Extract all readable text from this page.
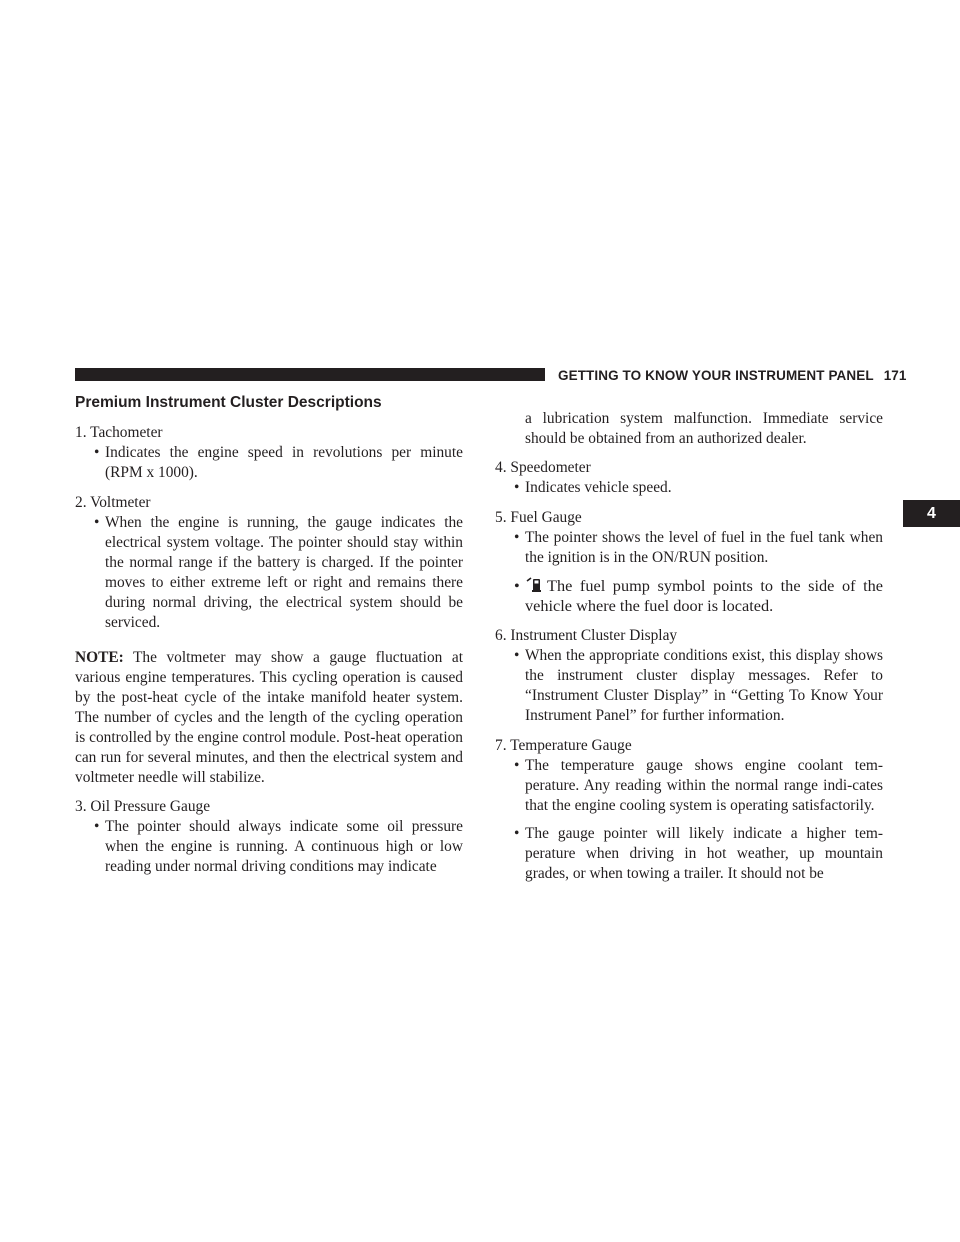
GETTING TO KNOW YOUR INSTRUMENT PANEL 171
4
Premium Instrument Cluster Descriptions

1. Tachometer

• Indicates the engine speed in revolutions per minute (RPM x 1000).

2. Voltmeter

• When the engine is running, the gauge indicates the electrical system voltage. The pointer should stay within the normal range if the battery is charged. If the pointer moves to either extreme left or right and remains there during normal driving, the electrical system should be serviced.

NOTE: The voltmeter may show a gauge fluctuation at various engine temperatures. This cycling operation is caused by the post-heat cycle of the intake manifold heater system. The number of cycles and the length of the cycling operation is controlled by the engine control module. Post-heat operation can run for several minutes, and then the electrical system and voltmeter needle will stabilize.

3. Oil Pressure Gauge

• The pointer should always indicate some oil pressure when the engine is running. A continuous high or low reading under normal driving conditions may indicate

a lubrication system malfunction. Immediate service should be obtained from an authorized dealer.

4. Speedometer

• Indicates vehicle speed.

5. Fuel Gauge

• The pointer shows the level of fuel in the fuel tank when the ignition is in the ON/RUN position.
• The fuel pump symbol points to the side of the vehicle where the fuel door is located.

6. Instrument Cluster Display

• When the appropriate conditions exist, this display shows the instrument cluster display messages. Refer to “Instrument Cluster Display” in “Getting To Know Your Instrument Panel” for further information.

7. Temperature Gauge

• The temperature gauge shows engine coolant tem-perature. Any reading within the normal range indi-cates that the engine cooling system is operating satisfactorily.
• The gauge pointer will likely indicate a higher tem-perature when driving in hot weather, up mountain grades, or when towing a trailer. It should not be
